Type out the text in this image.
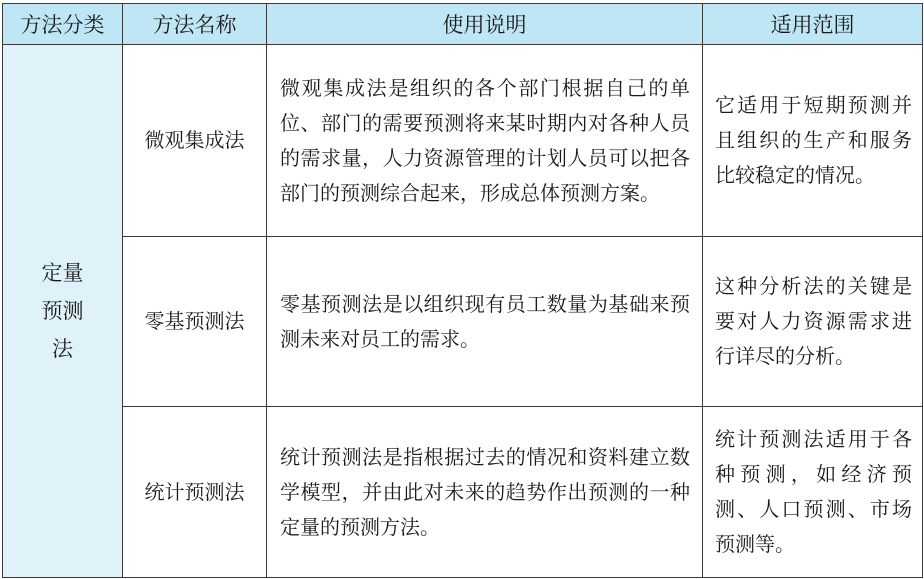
方法分类	方法名称	使用说明	适用范围

定量
预测
法	微观集成法	微观集成法是组织的各个部门根据自己的单位、部门的需要预测将来某时期内对各种人员的需求量，人力资源管理的计划人员可以把各部门的预测综合起来，形成总体预测方案。	它适用于短期预测并且组织的生产和服务比较稳定的情况。
	零基预测法	零基预测法是以组织现有员工数量为基础来预测未来对员工的需求。	这种分析法的关键是要对人力资源需求进行详尽的分析。
	统计预测法	统计预测法是指根据过去的情况和资料建立数学模型，并由此对未来的趋势作出预测的一种定量的预测方法。	统计预测法适用于各种预测，如经济预测、人口预测、市场预测等。
